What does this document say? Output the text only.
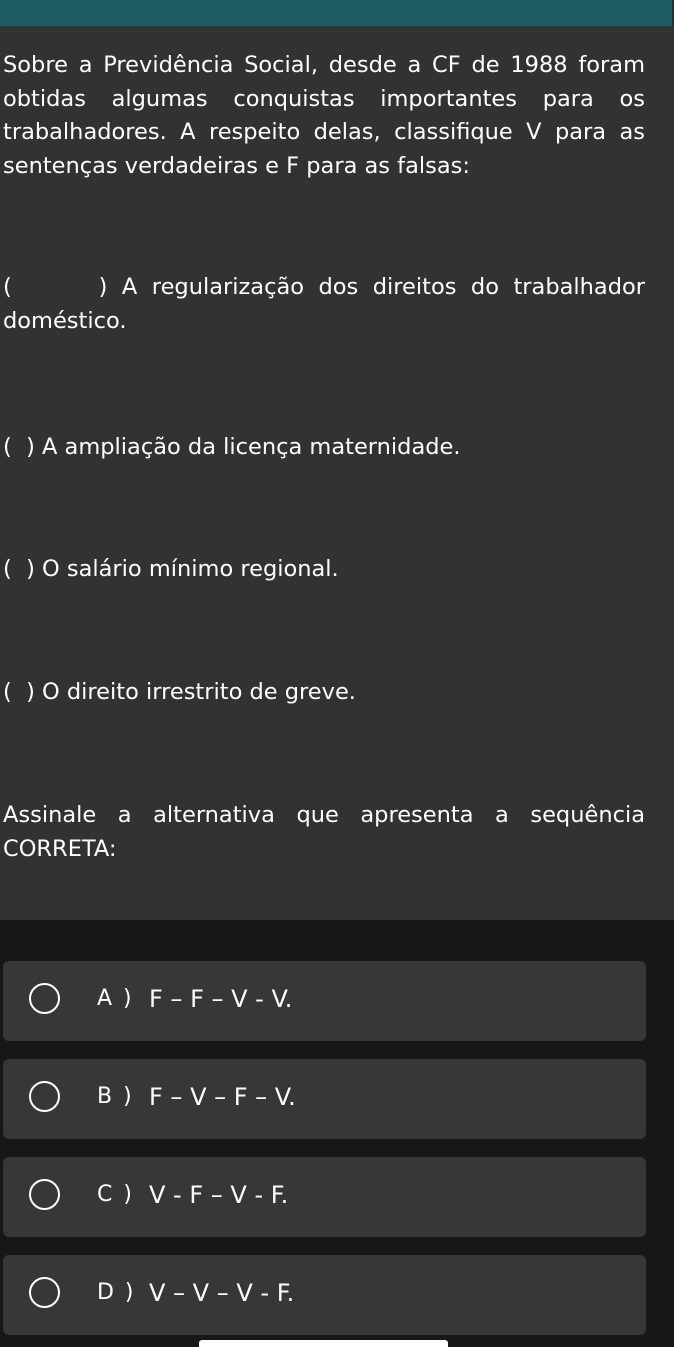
Sobre a Previdência Social, desde a CF de 1988 foram obtidas algumas conquistas importantes para os trabalhadores. A respeito delas, classifique V para as sentenças verdadeiras e F para as falsas:

(      ) A regularização dos direitos do trabalhador doméstico.

(  ) A ampliação da licença maternidade.

(  ) O salário mínimo regional.

(  ) O direito irrestrito de greve.

Assinale a alternativa que apresenta a sequência CORRETA:

A ) F – F – V - V.
B ) F – V – F – V.
C ) V - F – V - F.
D ) V – V – V - F.
